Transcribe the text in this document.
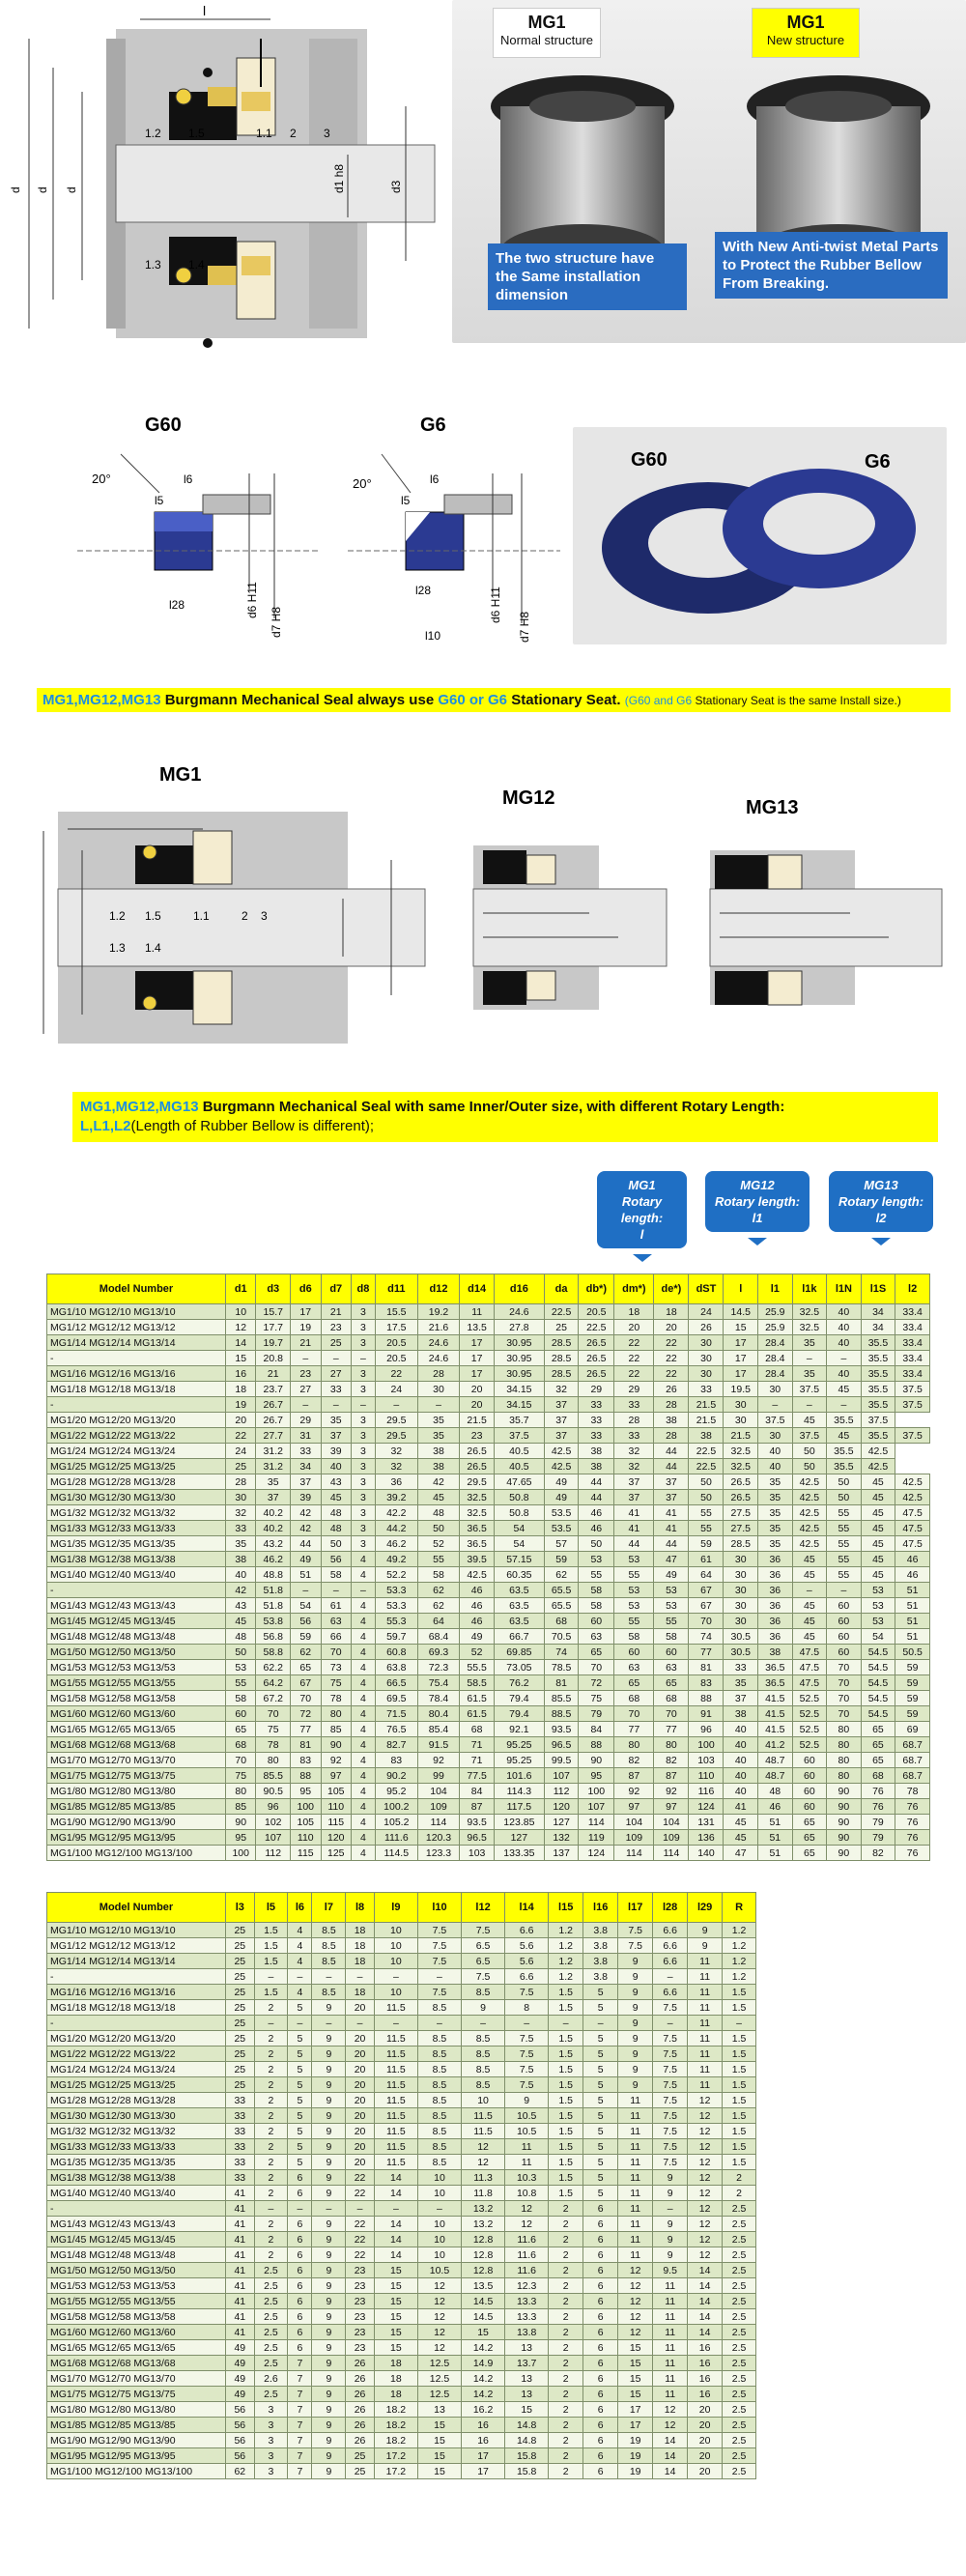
l
d d d	d1 h8	d3
1.2 1.5	1.1 2 3
1.3 1.4
MG1
Normal structure
MG1
New structure
The two structure have the Same installation dimension
With New Anti-twist Metal Parts to Protect the Rubber Bellow From Breaking.
G60
20°
l5
l6
l28	d6 H11
d7 H8
G6
20°
l5
l6
l28
l10
d6 H11
d7 H8
G60	G6
MG1,MG12,MG13 Burgmann Mechanical Seal always use G60 or G6 Stationary Seat. (G60 and G6 Stationary Seat is the same Install size.)
MG1
1.2 1.5	1.1	2 3
1.3 1.4
MG12	MG13
MG1,MG12,MG13 Burgmann Mechanical Seal with same Inner/Outer size, with different Rotary Length:
L,L1,L2(Length of Rubber Bellow is different);
MG1
Rotary length:
l
MG12
Rotary length:
l1
MG13
Rotary length:
l2
Model Number	d1	d3	d6	d7	d8	d11	d12	d14	d16	da	db*)	dm*)	de*)	dST	l	l1	l1k	l1N	l1S	l2
MG1/10 MG12/10 MG13/10	10	15.7	17	21	3	15.5	19.2	11	24.6	22.5	20.5	18	18	24	14.5	25.9	32.5	40	34	33.4
MG1/12 MG12/12 MG13/12	12	17.7	19	23	3	17.5	21.6	13.5	27.8	25	22.5	20	20	26	15	25.9	32.5	40	34	33.4
MG1/14 MG12/14 MG13/14	14	19.7	21	25	3	20.5	24.6	17	30.95	28.5	26.5	22	22	30	17	28.4	35	40	35.5	33.4
-	15	20.8	–	–	–	20.5	24.6	17	30.95	28.5	26.5	22	22	30	17	28.4	–	–	35.5	33.4
MG1/16 MG12/16 MG13/16	16	21	23	27	3	22	28	17	30.95	28.5	26.5	22	22	30	17	28.4	35	40	35.5	33.4
MG1/18 MG12/18 MG13/18	18	23.7	27	33	3	24	30	20	34.15	32	29	29	26	33	19.5	30	37.5	45	35.5	37.5
-	19	26.7	–	–	–	–	–	20	34.15	37	33	33	28	21.5	30	–	–	–	35.5	37.5
MG1/20 MG12/20 MG13/20	20	26.7	29	35	3	29.5	35	21.5	35.7	37	33	28	38	21.5	30	37.5	45	35.5	37.5	
MG1/22 MG12/22 MG13/22	22	27.7	31	37	3	29.5	35	23	37.5	37	33	33	28	38	21.5	30	37.5	45	35.5	37.5
MG1/24 MG12/24 MG13/24	24	31.2	33	39	3	32	38	26.5	40.5	42.5	38	32	44	22.5	32.5	40	50	35.5	42.5	
MG1/25 MG12/25 MG13/25	25	31.2	34	40	3	32	38	26.5	40.5	42.5	38	32	44	22.5	32.5	40	50	35.5	42.5	
MG1/28 MG12/28 MG13/28	28	35	37	43	3	36	42	29.5	47.65	49	44	37	37	50	26.5	35	42.5	50	45	42.5
MG1/30 MG12/30 MG13/30	30	37	39	45	3	39.2	45	32.5	50.8	49	44	37	37	50	26.5	35	42.5	50	45	42.5
MG1/32 MG12/32 MG13/32	32	40.2	42	48	3	42.2	48	32.5	50.8	53.5	46	41	41	55	27.5	35	42.5	55	45	47.5
MG1/33 MG12/33 MG13/33	33	40.2	42	48	3	44.2	50	36.5	54	53.5	46	41	41	55	27.5	35	42.5	55	45	47.5
MG1/35 MG12/35 MG13/35	35	43.2	44	50	3	46.2	52	36.5	54	57	50	44	44	59	28.5	35	42.5	55	45	47.5
MG1/38 MG12/38 MG13/38	38	46.2	49	56	4	49.2	55	39.5	57.15	59	53	53	47	61	30	36	45	55	45	46
MG1/40 MG12/40 MG13/40	40	48.8	51	58	4	52.2	58	42.5	60.35	62	55	55	49	64	30	36	45	55	45	46
-	42	51.8	–	–	–	53.3	62	46	63.5	65.5	58	53	53	67	30	36	–	–	53	51
MG1/43 MG12/43 MG13/43	43	51.8	54	61	4	53.3	62	46	63.5	65.5	58	53	53	67	30	36	45	60	53	51
MG1/45 MG12/45 MG13/45	45	53.8	56	63	4	55.3	64	46	63.5	68	60	55	55	70	30	36	45	60	53	51
MG1/48 MG12/48 MG13/48	48	56.8	59	66	4	59.7	68.4	49	66.7	70.5	63	58	58	74	30.5	36	45	60	54	51
MG1/50 MG12/50 MG13/50	50	58.8	62	70	4	60.8	69.3	52	69.85	74	65	60	60	77	30.5	38	47.5	60	54.5	50.5
MG1/53 MG12/53 MG13/53	53	62.2	65	73	4	63.8	72.3	55.5	73.05	78.5	70	63	63	81	33	36.5	47.5	70	54.5	59
MG1/55 MG12/55 MG13/55	55	64.2	67	75	4	66.5	75.4	58.5	76.2	81	72	65	65	83	35	36.5	47.5	70	54.5	59
MG1/58 MG12/58 MG13/58	58	67.2	70	78	4	69.5	78.4	61.5	79.4	85.5	75	68	68	88	37	41.5	52.5	70	54.5	59
MG1/60 MG12/60 MG13/60	60	70	72	80	4	71.5	80.4	61.5	79.4	88.5	79	70	70	91	38	41.5	52.5	70	54.5	59
MG1/65 MG12/65 MG13/65	65	75	77	85	4	76.5	85.4	68	92.1	93.5	84	77	77	96	40	41.5	52.5	80	65	69
MG1/68 MG12/68 MG13/68	68	78	81	90	4	82.7	91.5	71	95.25	96.5	88	80	80	100	40	41.2	52.5	80	65	68.7
MG1/70 MG12/70 MG13/70	70	80	83	92	4	83	92	71	95.25	99.5	90	82	82	103	40	48.7	60	80	65	68.7
MG1/75 MG12/75 MG13/75	75	85.5	88	97	4	90.2	99	77.5	101.6	107	95	87	87	110	40	48.7	60	80	68	68.7
MG1/80 MG12/80 MG13/80	80	90.5	95	105	4	95.2	104	84	114.3	112	100	92	92	116	40	48	60	90	76	78
MG1/85 MG12/85 MG13/85	85	96	100	110	4	100.2	109	87	117.5	120	107	97	97	124	41	46	60	90	76	76
MG1/90 MG12/90 MG13/90	90	102	105	115	4	105.2	114	93.5	123.85	127	114	104	104	131	45	51	65	90	79	76
MG1/95 MG12/95 MG13/95	95	107	110	120	4	111.6	120.3	96.5	127	132	119	109	109	136	45	51	65	90	79	76
MG1/100 MG12/100 MG13/100	100	112	115	125	4	114.5	123.3	103	133.35	137	124	114	114	140	47	51	65	90	82	76
Model Number	l3	l5	l6	l7	l8	l9	l10	l12	l14	l15	l16	l17	l28	l29	R
MG1/10 MG12/10 MG13/10	25	1.5	4	8.5	18	10	7.5	7.5	6.6	1.2	3.8	7.5	6.6	9	1.2
MG1/12 MG12/12 MG13/12	25	1.5	4	8.5	18	10	7.5	6.5	5.6	1.2	3.8	7.5	6.6	9	1.2
MG1/14 MG12/14 MG13/14	25	1.5	4	8.5	18	10	7.5	6.5	5.6	1.2	3.8	9	6.6	11	1.2
-	25	–	–	–	–	–	–	7.5	6.6	1.2	3.8	9	–	11	1.2
MG1/16 MG12/16 MG13/16	25	1.5	4	8.5	18	10	7.5	8.5	7.5	1.5	5	9	6.6	11	1.5
MG1/18 MG12/18 MG13/18	25	2	5	9	20	11.5	8.5	9	8	1.5	5	9	7.5	11	1.5
-	25	–	–	–	–	–	–	–	–	–	–	9	–	11	–
MG1/20 MG12/20 MG13/20	25	2	5	9	20	11.5	8.5	8.5	7.5	1.5	5	9	7.5	11	1.5
MG1/22 MG12/22 MG13/22	25	2	5	9	20	11.5	8.5	8.5	7.5	1.5	5	9	7.5	11	1.5
MG1/24 MG12/24 MG13/24	25	2	5	9	20	11.5	8.5	8.5	7.5	1.5	5	9	7.5	11	1.5
MG1/25 MG12/25 MG13/25	25	2	5	9	20	11.5	8.5	8.5	7.5	1.5	5	9	7.5	11	1.5
MG1/28 MG12/28 MG13/28	33	2	5	9	20	11.5	8.5	10	9	1.5	5	11	7.5	12	1.5
MG1/30 MG12/30 MG13/30	33	2	5	9	20	11.5	8.5	11.5	10.5	1.5	5	11	7.5	12	1.5
MG1/32 MG12/32 MG13/32	33	2	5	9	20	11.5	8.5	11.5	10.5	1.5	5	11	7.5	12	1.5
MG1/33 MG12/33 MG13/33	33	2	5	9	20	11.5	8.5	12	11	1.5	5	11	7.5	12	1.5
MG1/35 MG12/35 MG13/35	33	2	5	9	20	11.5	8.5	12	11	1.5	5	11	7.5	12	1.5
MG1/38 MG12/38 MG13/38	33	2	6	9	22	14	10	11.3	10.3	1.5	5	11	9	12	2
MG1/40 MG12/40 MG13/40	41	2	6	9	22	14	10	11.8	10.8	1.5	5	11	9	12	2
-	41	–	–	–	–	–	–	13.2	12	2	6	11	–	12	2.5
MG1/43 MG12/43 MG13/43	41	2	6	9	22	14	10	13.2	12	2	6	11	9	12	2.5
MG1/45 MG12/45 MG13/45	41	2	6	9	22	14	10	12.8	11.6	2	6	11	9	12	2.5
MG1/48 MG12/48 MG13/48	41	2	6	9	22	14	10	12.8	11.6	2	6	11	9	12	2.5
MG1/50 MG12/50 MG13/50	41	2.5	6	9	23	15	10.5	12.8	11.6	2	6	12	9.5	14	2.5
MG1/53 MG12/53 MG13/53	41	2.5	6	9	23	15	12	13.5	12.3	2	6	12	11	14	2.5
MG1/55 MG12/55 MG13/55	41	2.5	6	9	23	15	12	14.5	13.3	2	6	12	11	14	2.5
MG1/58 MG12/58 MG13/58	41	2.5	6	9	23	15	12	14.5	13.3	2	6	12	11	14	2.5
MG1/60 MG12/60 MG13/60	41	2.5	6	9	23	15	12	15	13.8	2	6	12	11	14	2.5
MG1/65 MG12/65 MG13/65	49	2.5	6	9	23	15	12	14.2	13	2	6	15	11	16	2.5
MG1/68 MG12/68 MG13/68	49	2.5	7	9	26	18	12.5	14.9	13.7	2	6	15	11	16	2.5
MG1/70 MG12/70 MG13/70	49	2.6	7	9	26	18	12.5	14.2	13	2	6	15	11	16	2.5
MG1/75 MG12/75 MG13/75	49	2.5	7	9	26	18	12.5	14.2	13	2	6	15	11	16	2.5
MG1/80 MG12/80 MG13/80	56	3	7	9	26	18.2	13	16.2	15	2	6	17	12	20	2.5
MG1/85 MG12/85 MG13/85	56	3	7	9	26	18.2	15	16	14.8	2	6	17	12	20	2.5
MG1/90 MG12/90 MG13/90	56	3	7	9	26	18.2	15	16	14.8	2	6	19	14	20	2.5
MG1/95 MG12/95 MG13/95	56	3	7	9	25	17.2	15	17	15.8	2	6	19	14	20	2.5
MG1/100 MG12/100 MG13/100	62	3	7	9	25	17.2	15	17	15.8	2	6	19	14	20	2.5
